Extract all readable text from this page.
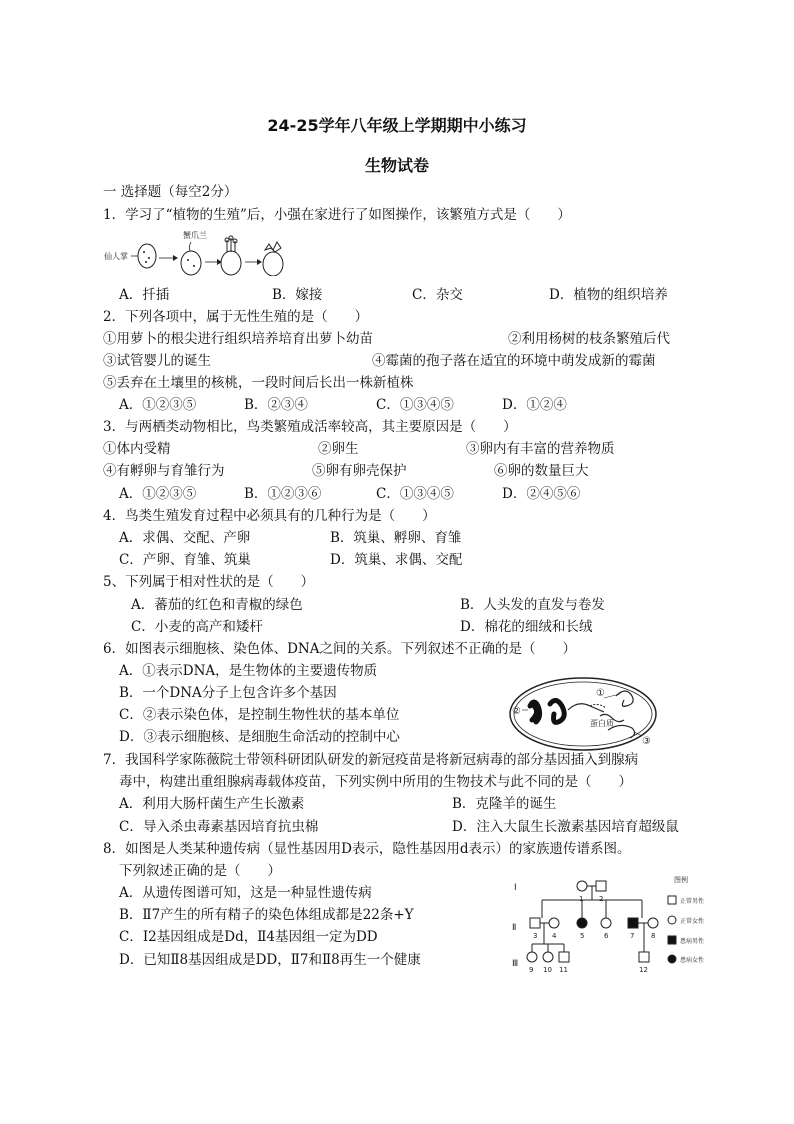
24-25学年八年级上学期期中小练习
生物试卷
一 选择题（每空2分）
1．学习了“植物的生殖”后，小强在家进行了如图操作，该繁殖方式是（　　）
仙人掌
蟹爪兰
A．扦插	B．嫁接	C．杂交	D．植物的组织培养
2．下列各项中，属于无性生殖的是（　　）
①用萝卜的根尖进行组织培养培育出萝卜幼苗	②利用杨树的枝条繁殖后代
③试管婴儿的诞生	④霉菌的孢子落在适宜的环境中萌发成新的霉菌
⑤丢弃在土壤里的核桃，一段时间后长出一株新植株
A．①②③⑤	B．②③④	C．①③④⑤	D．①②④
3．与两栖类动物相比，鸟类繁殖成活率较高，其主要原因是（　　）
①体内受精	②卵生	③卵内有丰富的营养物质
④有孵卵与育雏行为	⑤卵有卵壳保护	⑥卵的数量巨大
A．①②③⑤	B．①②③⑥	C．①③④⑤	D．②④⑤⑥
4．鸟类生殖发育过程中必须具有的几种行为是（　　）
A．求偶、交配、产卵	B．筑巢、孵卵、育雏
C．产卵、育雏、筑巢	D．筑巢、求偶、交配
5、下列属于相对性状的是（　　）
A．蕃茄的红色和青椒的绿色	B．人头发的直发与卷发
C．小麦的高产和矮杆	D．棉花的细绒和长绒
6．如图表示细胞核、染色体、DNA之间的关系。下列叙述不正确的是（　　）
A．①表示DNA，是生物体的主要遗传物质
B．一个DNA分子上包含许多个基因
C．②表示染色体，是控制生物性状的基本单位
D．③表示细胞核、是细胞生命活动的控制中心
①
②
③
蛋白质
7．我国科学家陈薇院士带领科研团队研发的新冠疫苗是将新冠病毒的部分基因插入到腺病
毒中，构建出重组腺病毒载体疫苗，下列实例中所用的生物技术与此不同的是（　　）
A．利用大肠杆菌生产生长激素	B．克隆羊的诞生
C．导入杀虫毒素基因培育抗虫棉	D．注入大鼠生长激素基因培育超级鼠
8．如图是人类某种遗传病（显性基因用D表示，隐性基因用d表示）的家族遗传谱系图。
下列叙述正确的是（　　）
A．从遗传图谱可知，这是一种显性遗传病
B．Ⅱ7产生的所有精子的染色体组成都是22条+Y
C．Ⅰ2基因组成是Dd，Ⅱ4基因组一定为DD
D．已知Ⅱ8基因组成是DD，Ⅱ7和Ⅱ8再生一个健康
Ⅰ
Ⅱ
Ⅲ
1 2
3 4	5	6	7 8
9 10 11	12
图例
正常男性
正常女性
患病男性
患病女性
